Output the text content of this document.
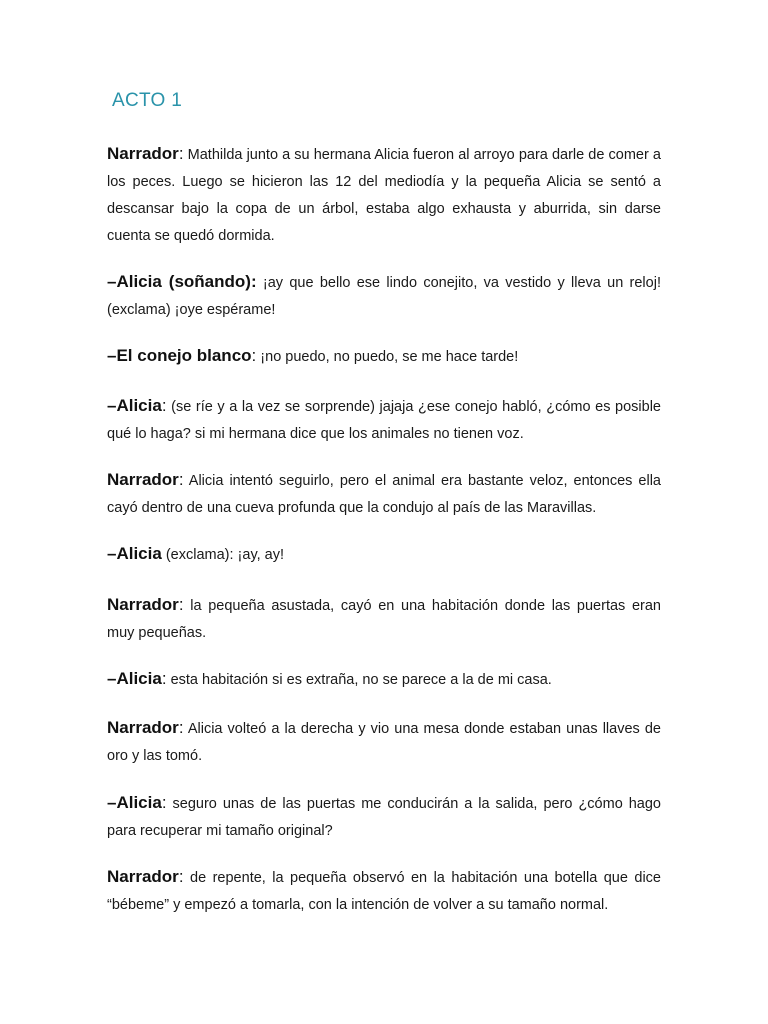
ACTO 1

Narrador: Mathilda junto a su hermana Alicia fueron al arroyo para darle de comer a los peces. Luego se hicieron las 12 del mediodía y la pequeña Alicia se sentó a descansar bajo la copa de un árbol, estaba algo exhausta y aburrida, sin darse cuenta se quedó dormida.

–Alicia (soñando): ¡ay que bello ese lindo conejito, va vestido y lleva un reloj! (exclama) ¡oye espérame!

–El conejo blanco: ¡no puedo, no puedo, se me hace tarde!

–Alicia: (se ríe y a la vez se sorprende) jajaja ¿ese conejo habló, ¿cómo es posible qué lo haga? si mi hermana dice que los animales no tienen voz.

Narrador: Alicia intentó seguirlo, pero el animal era bastante veloz, entonces ella cayó dentro de una cueva profunda que la condujo al país de las Maravillas.

–Alicia (exclama): ¡ay, ay!

Narrador: la pequeña asustada, cayó en una habitación donde las puertas eran muy pequeñas.

–Alicia: esta habitación si es extraña, no se parece a la de mi casa.

Narrador: Alicia volteó a la derecha y vio una mesa donde estaban unas llaves de oro y las tomó.

–Alicia: seguro unas de las puertas me conducirán a la salida, pero ¿cómo hago para recuperar mi tamaño original?

Narrador: de repente, la pequeña observó en la habitación una botella que dice “bébeme” y empezó a tomarla, con la intención de volver a su tamaño normal.
